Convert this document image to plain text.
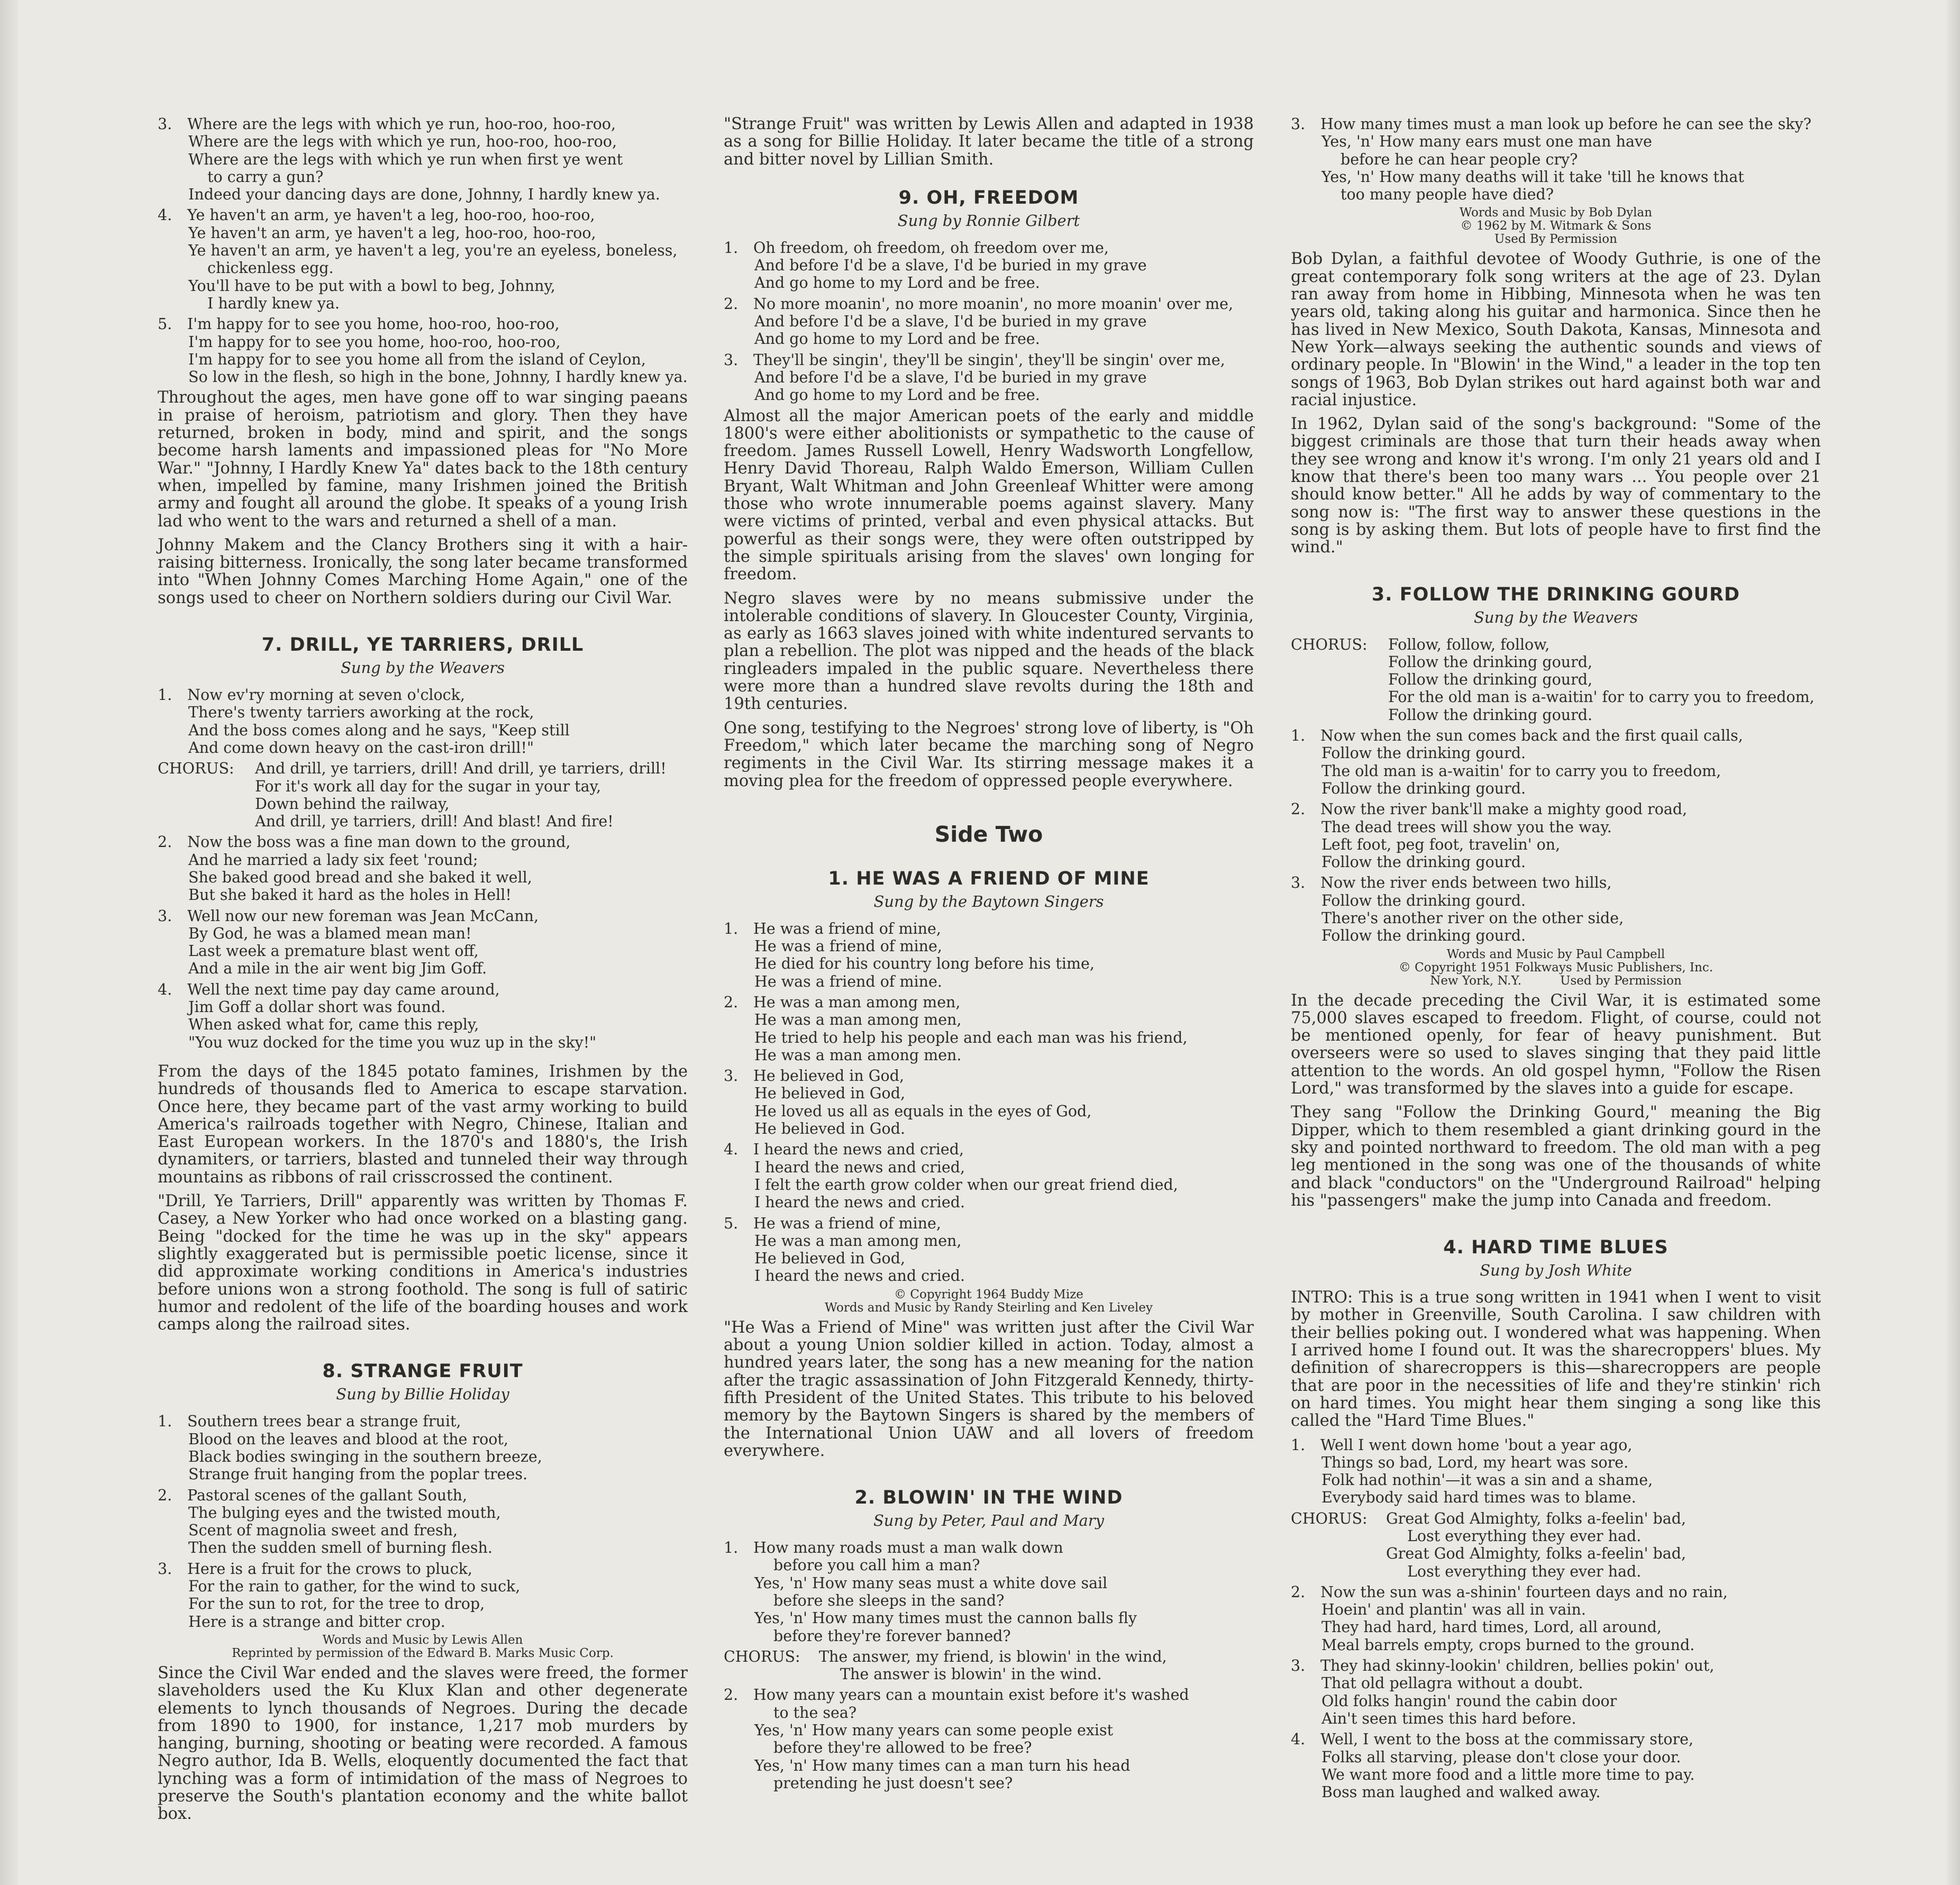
3. Where are the legs with which ye run, hoo-roo, hoo-roo,
Where are the legs with which ye run, hoo-roo, hoo-roo,
Where are the legs with which ye run when first ye went
to carry a gun?
Indeed your dancing days are done, Johnny, I hardly knew ya.
4. Ye haven't an arm, ye haven't a leg, hoo-roo, hoo-roo,
Ye haven't an arm, ye haven't a leg, hoo-roo, hoo-roo,
Ye haven't an arm, ye haven't a leg, you're an eyeless, boneless,
chickenless egg.
You'll have to be put with a bowl to beg, Johnny,
I hardly knew ya.
5. I'm happy for to see you home, hoo-roo, hoo-roo,
I'm happy for to see you home, hoo-roo, hoo-roo,
I'm happy for to see you home all from the island of Ceylon,
So low in the flesh, so high in the bone, Johnny, I hardly knew ya.

Throughout the ages, men have gone off to war singing paeans in praise of heroism, patriotism and glory. Then they have returned, broken in body, mind and spirit, and the songs become harsh laments and impassioned pleas for "No More War." "Johnny, I Hardly Knew Ya" dates back to the 18th century when, impelled by famine, many Irishmen joined the British army and fought all around the globe. It speaks of a young Irish lad who went to the wars and returned a shell of a man.

Johnny Makem and the Clancy Brothers sing it with a hair-raising bitterness. Ironically, the song later became transformed into "When Johnny Comes Marching Home Again," one of the songs used to cheer on Northern soldiers during our Civil War.

7. DRILL, YE TARRIERS, DRILL
Sung by the Weavers
1. Now ev'ry morning at seven o'clock,
There's twenty tarriers aworking at the rock,
And the boss comes along and he says, "Keep still
And come down heavy on the cast-iron drill!"
CHORUS: And drill, ye tarriers, drill! And drill, ye tarriers, drill!
For it's work all day for the sugar in your tay,
Down behind the railway,
And drill, ye tarriers, drill! And blast! And fire!
2. Now the boss was a fine man down to the ground,
And he married a lady six feet 'round;
She baked good bread and she baked it well,
But she baked it hard as the holes in Hell!
3. Well now our new foreman was Jean McCann,
By God, he was a blamed mean man!
Last week a premature blast went off,
And a mile in the air went big Jim Goff.
4. Well the next time pay day came around,
Jim Goff a dollar short was found.
When asked what for, came this reply,
"You wuz docked for the time you wuz up in the sky!"

From the days of the 1845 potato famines, Irishmen by the hundreds of thousands fled to America to escape starvation. Once here, they became part of the vast army working to build America's railroads together with Negro, Chinese, Italian and East European workers. In the 1870's and 1880's, the Irish dynamiters, or tarriers, blasted and tunneled their way through mountains as ribbons of rail crisscrossed the continent.

"Drill, Ye Tarriers, Drill" apparently was written by Thomas F. Casey, a New Yorker who had once worked on a blasting gang. Being "docked for the time he was up in the sky" appears slightly exaggerated but is permissible poetic license, since it did approximate working conditions in America's industries before unions won a strong foothold. The song is full of satiric humor and redolent of the life of the boarding houses and work camps along the railroad sites.

8. STRANGE FRUIT
Sung by Billie Holiday
1. Southern trees bear a strange fruit,
Blood on the leaves and blood at the root,
Black bodies swinging in the southern breeze,
Strange fruit hanging from the poplar trees.
2. Pastoral scenes of the gallant South,
The bulging eyes and the twisted mouth,
Scent of magnolia sweet and fresh,
Then the sudden smell of burning flesh.
3. Here is a fruit for the crows to pluck,
For the rain to gather, for the wind to suck,
For the sun to rot, for the tree to drop,
Here is a strange and bitter crop.
Words and Music by Lewis Allen
Reprinted by permission of the Edward B. Marks Music Corp.

Since the Civil War ended and the slaves were freed, the former slaveholders used the Ku Klux Klan and other degenerate elements to lynch thousands of Negroes. During the decade from 1890 to 1900, for instance, 1,217 mob murders by hanging, burning, shooting or beating were recorded. A famous Negro author, Ida B. Wells, eloquently documented the fact that lynching was a form of intimidation of the mass of Negroes to preserve the South's plantation economy and the white ballot box.

"Strange Fruit" was written by Lewis Allen and adapted in 1938 as a song for Billie Holiday. It later became the title of a strong and bitter novel by Lillian Smith.

9. OH, FREEDOM
Sung by Ronnie Gilbert
1. Oh freedom, oh freedom, oh freedom over me,
And before I'd be a slave, I'd be buried in my grave
And go home to my Lord and be free.
2. No more moanin', no more moanin', no more moanin' over me,
And before I'd be a slave, I'd be buried in my grave
And go home to my Lord and be free.
3. They'll be singin', they'll be singin', they'll be singin' over me,
And before I'd be a slave, I'd be buried in my grave
And go home to my Lord and be free.

Almost all the major American poets of the early and middle 1800's were either abolitionists or sympathetic to the cause of freedom. James Russell Lowell, Henry Wadsworth Longfellow, Henry David Thoreau, Ralph Waldo Emerson, William Cullen Bryant, Walt Whitman and John Greenleaf Whitter were among those who wrote innumerable poems against slavery. Many were victims of printed, verbal and even physical attacks. But powerful as their songs were, they were often outstripped by the simple spirituals arising from the slaves' own longing for freedom.

Negro slaves were by no means submissive under the intolerable conditions of slavery. In Gloucester County, Virginia, as early as 1663 slaves joined with white indentured servants to plan a rebellion. The plot was nipped and the heads of the black ringleaders impaled in the public square. Nevertheless there were more than a hundred slave revolts during the 18th and 19th centuries.

One song, testifying to the Negroes' strong love of liberty, is "Oh Freedom," which later became the marching song of Negro regiments in the Civil War. Its stirring message makes it a moving plea for the freedom of oppressed people everywhere.

Side Two
1. HE WAS A FRIEND OF MINE
Sung by the Baytown Singers
1. He was a friend of mine,
He was a friend of mine,
He died for his country long before his time,
He was a friend of mine.
2. He was a man among men,
He was a man among men,
He tried to help his people and each man was his friend,
He was a man among men.
3. He believed in God,
He believed in God,
He loved us all as equals in the eyes of God,
He believed in God.
4. I heard the news and cried,
I heard the news and cried,
I felt the earth grow colder when our great friend died,
I heard the news and cried.
5. He was a friend of mine,
He was a man among men,
He believed in God,
I heard the news and cried.
© Copyright 1964 Buddy Mize
Words and Music by Randy Steirling and Ken Liveley

"He Was a Friend of Mine" was written just after the Civil War about a young Union soldier killed in action. Today, almost a hundred years later, the song has a new meaning for the nation after the tragic assassination of John Fitzgerald Kennedy, thirty-fifth President of the United States. This tribute to his beloved memory by the Baytown Singers is shared by the members of the International Union UAW and all lovers of freedom everywhere.

2. BLOWIN' IN THE WIND
Sung by Peter, Paul and Mary
1. How many roads must a man walk down
before you call him a man?
Yes, 'n' How many seas must a white dove sail
before she sleeps in the sand?
Yes, 'n' How many times must the cannon balls fly
before they're forever banned?
CHORUS: The answer, my friend, is blowin' in the wind,
The answer is blowin' in the wind.
2. How many years can a mountain exist before it's washed
to the sea?
Yes, 'n' How many years can some people exist
before they're allowed to be free?
Yes, 'n' How many times can a man turn his head
pretending he just doesn't see?
3. How many times must a man look up before he can see the sky?
Yes, 'n' How many ears must one man have
before he can hear people cry?
Yes, 'n' How many deaths will it take 'till he knows that
too many people have died?
Words and Music by Bob Dylan
© 1962 by M. Witmark & Sons
Used By Permission

Bob Dylan, a faithful devotee of Woody Guthrie, is one of the great contemporary folk song writers at the age of 23. Dylan ran away from home in Hibbing, Minnesota when he was ten years old, taking along his guitar and harmonica. Since then he has lived in New Mexico, South Dakota, Kansas, Minnesota and New York—always seeking the authentic sounds and views of ordinary people. In "Blowin' in the Wind," a leader in the top ten songs of 1963, Bob Dylan strikes out hard against both war and racial injustice.

In 1962, Dylan said of the song's background: "Some of the biggest criminals are those that turn their heads away when they see wrong and know it's wrong. I'm only 21 years old and I know that there's been too many wars ... You people over 21 should know better." All he adds by way of commentary to the song now is: "The first way to answer these questions in the song is by asking them. But lots of people have to first find the wind."

3. FOLLOW THE DRINKING GOURD
Sung by the Weavers
CHORUS: Follow, follow, follow,
Follow the drinking gourd,
Follow the drinking gourd,
For the old man is a-waitin' for to carry you to freedom,
Follow the drinking gourd.
1. Now when the sun comes back and the first quail calls,
Follow the drinking gourd.
The old man is a-waitin' for to carry you to freedom,
Follow the drinking gourd.
2. Now the river bank'll make a mighty good road,
The dead trees will show you the way.
Left foot, peg foot, travelin' on,
Follow the drinking gourd.
3. Now the river ends between two hills,
Follow the drinking gourd.
There's another river on the other side,
Follow the drinking gourd.
Words and Music by Paul Campbell
© Copyright 1951 Folkways Music Publishers, Inc.
New York, N.Y.          Used by Permission

In the decade preceding the Civil War, it is estimated some 75,000 slaves escaped to freedom. Flight, of course, could not be mentioned openly, for fear of heavy punishment. But overseers were so used to slaves singing that they paid little attention to the words. An old gospel hymn, "Follow the Risen Lord," was transformed by the slaves into a guide for escape.

They sang "Follow the Drinking Gourd," meaning the Big Dipper, which to them resembled a giant drinking gourd in the sky and pointed northward to freedom. The old man with a peg leg mentioned in the song was one of the thousands of white and black "conductors" on the "Underground Railroad" helping his "passengers" make the jump into Canada and freedom.

4. HARD TIME BLUES
Sung by Josh White

INTRO: This is a true song written in 1941 when I went to visit by mother in Greenville, South Carolina. I saw children with their bellies poking out. I wondered what was happening. When I arrived home I found out. It was the sharecroppers' blues. My definition of sharecroppers is this—sharecroppers are people that are poor in the necessities of life and they're stinkin' rich on hard times. You might hear them singing a song like this called the "Hard Time Blues."

1. Well I went down home 'bout a year ago,
Things so bad, Lord, my heart was sore.
Folk had nothin'—it was a sin and a shame,
Everybody said hard times was to blame.
CHORUS: Great God Almighty, folks a-feelin' bad,
Lost everything they ever had.
Great God Almighty, folks a-feelin' bad,
Lost everything they ever had.
2. Now the sun was a-shinin' fourteen days and no rain,
Hoein' and plantin' was all in vain.
They had hard, hard times, Lord, all around,
Meal barrels empty, crops burned to the ground.
3. They had skinny-lookin' children, bellies pokin' out,
That old pellagra without a doubt.
Old folks hangin' round the cabin door
Ain't seen times this hard before.
4. Well, I went to the boss at the commissary store,
Folks all starving, please don't close your door.
We want more food and a little more time to pay.
Boss man laughed and walked away.
